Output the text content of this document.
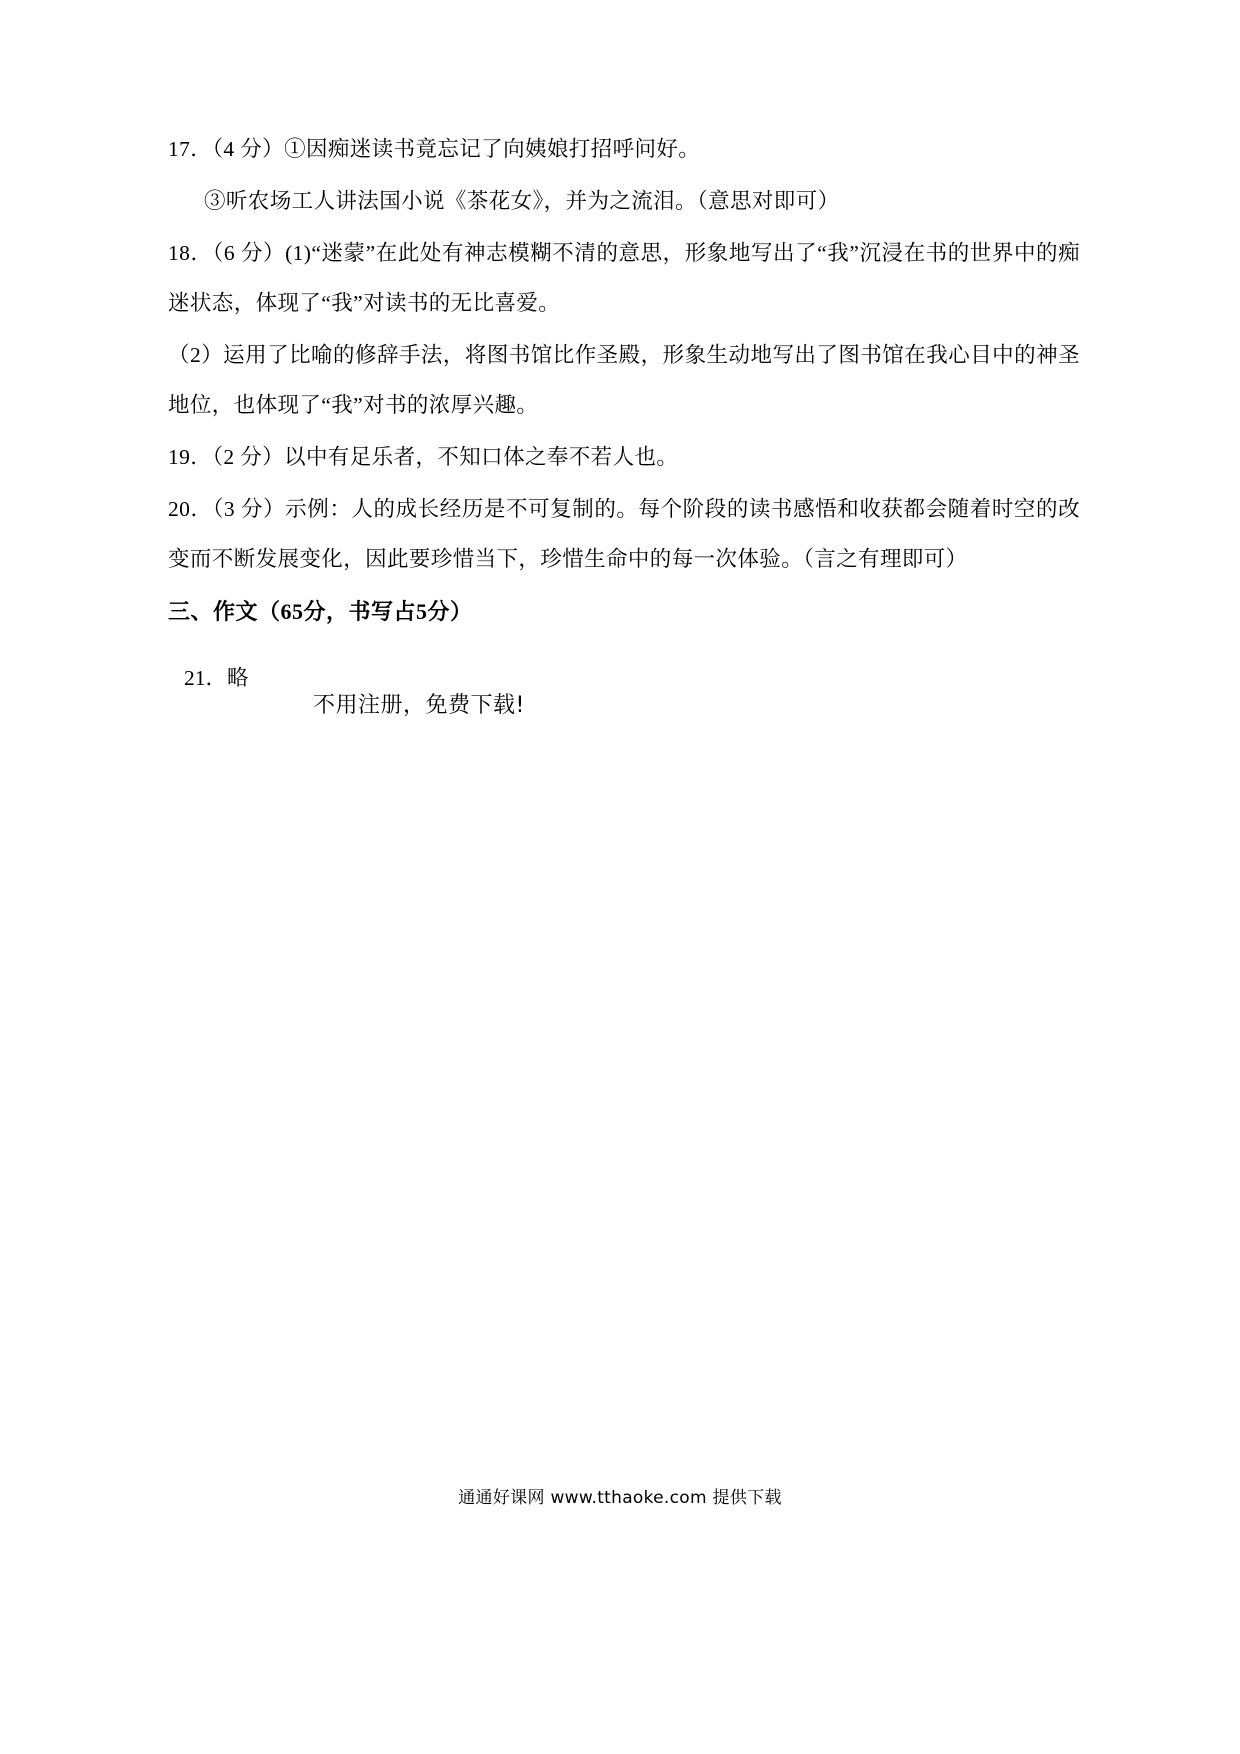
17．（4 分）①因痴迷读书竟忘记了向姨娘打招呼问好。

③听农场工人讲法国小说《茶花女》，并为之流泪。（意思对即可）

18．（6 分）(1)“迷蒙”在此处有神志模糊不清的意思，形象地写出了“我”沉浸在书的世界中的痴迷状态，体现了“我”对读书的无比喜爱。

（2）运用了比喻的修辞手法，将图书馆比作圣殿，形象生动地写出了图书馆在我心目中的神圣地位，也体现了“我”对书的浓厚兴趣。

19．（2 分）以中有足乐者，不知口体之奉不若人也。

20．（3 分）示例：人的成长经历是不可复制的。每个阶段的读书感悟和收获都会随着时空的改变而不断发展变化，因此要珍惜当下，珍惜生命中的每一次体验。（言之有理即可）

三、作文（65分，书写占5分）

21．略

不用注册，免费下载!
通通好课网 www.tthaoke.com 提供下载
